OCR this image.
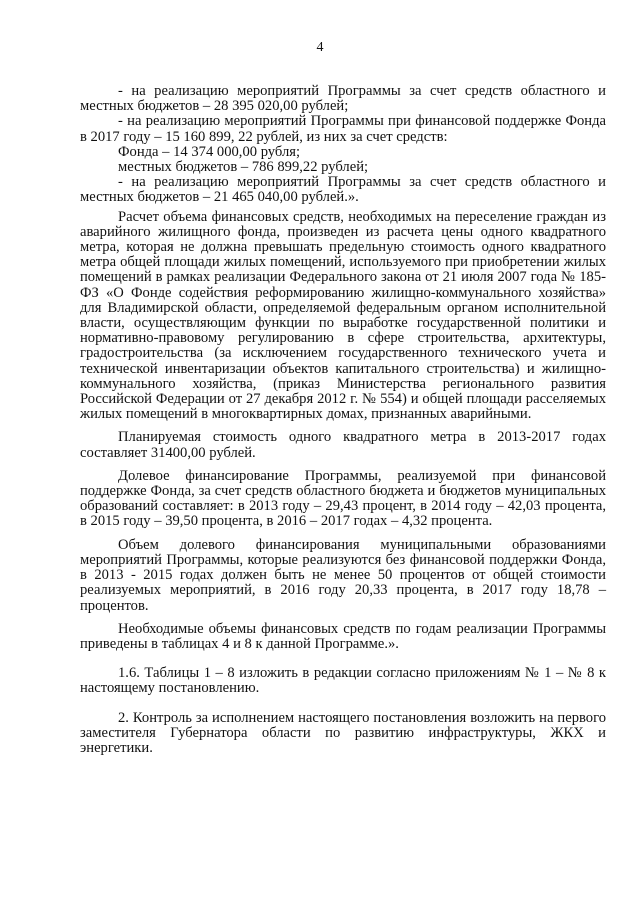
4

- на реализацию мероприятий Программы за счет средств областного и местных бюджетов – 28 395 020,00 рублей;

- на реализацию мероприятий Программы при финансовой поддержке Фонда в 2017 году – 15 160 899, 22 рублей, из них за счет средств:

Фонда – 14 374 000,00 рубля;

местных бюджетов – 786 899,22 рублей;

- на реализацию мероприятий Программы за счет средств областного и местных бюджетов – 21 465 040,00 рублей.».

Расчет объема финансовых средств, необходимых на переселение граждан из аварийного жилищного фонда, произведен из расчета цены одного квадратного метра, которая не должна превышать предельную стоимость одного квадратного метра общей площади жилых помещений, используемого при приобретении жилых помещений в рамках реализации Федерального закона от 21 июля 2007 года № 185-ФЗ «О Фонде содействия реформированию жилищно-коммунального хозяйства» для Владимирской области, определяемой федеральным органом исполнительной власти, осуществляющим функции по выработке государственной политики и нормативно-правовому регулированию в сфере строительства, архитектуры, градостроительства (за исключением государственного технического учета и технической инвентаризации объектов капитального строительства) и жилищно-коммунального хозяйства, (приказ Министерства регионального развития Российской Федерации от 27 декабря 2012 г. № 554) и общей площади расселяемых жилых помещений в многоквартирных домах, признанных аварийными.

Планируемая стоимость одного квадратного метра в 2013-2017 годах составляет 31400,00 рублей.

Долевое финансирование Программы, реализуемой при финансовой поддержке Фонда, за счет средств областного бюджета и бюджетов муниципальных образований составляет: в 2013 году – 29,43 процент, в 2014 году – 42,03 процента, в 2015 году – 39,50 процента, в 2016 – 2017 годах – 4,32 процента.

Объем долевого финансирования муниципальными образованиями мероприятий Программы, которые реализуются без финансовой поддержки Фонда, в 2013 - 2015 годах должен быть не менее 50 процентов от общей стоимости реализуемых мероприятий, в 2016 году 20,33 процента, в 2017 году 18,78 – процентов.

Необходимые объемы финансовых средств по годам реализации Программы приведены в таблицах 4 и 8 к данной Программе.».

1.6. Таблицы 1 – 8 изложить в редакции согласно приложениям № 1 – № 8 к настоящему постановлению.

2. Контроль за исполнением настоящего постановления возложить на первого заместителя Губернатора области по развитию инфраструктуры, ЖКХ и энергетики.
